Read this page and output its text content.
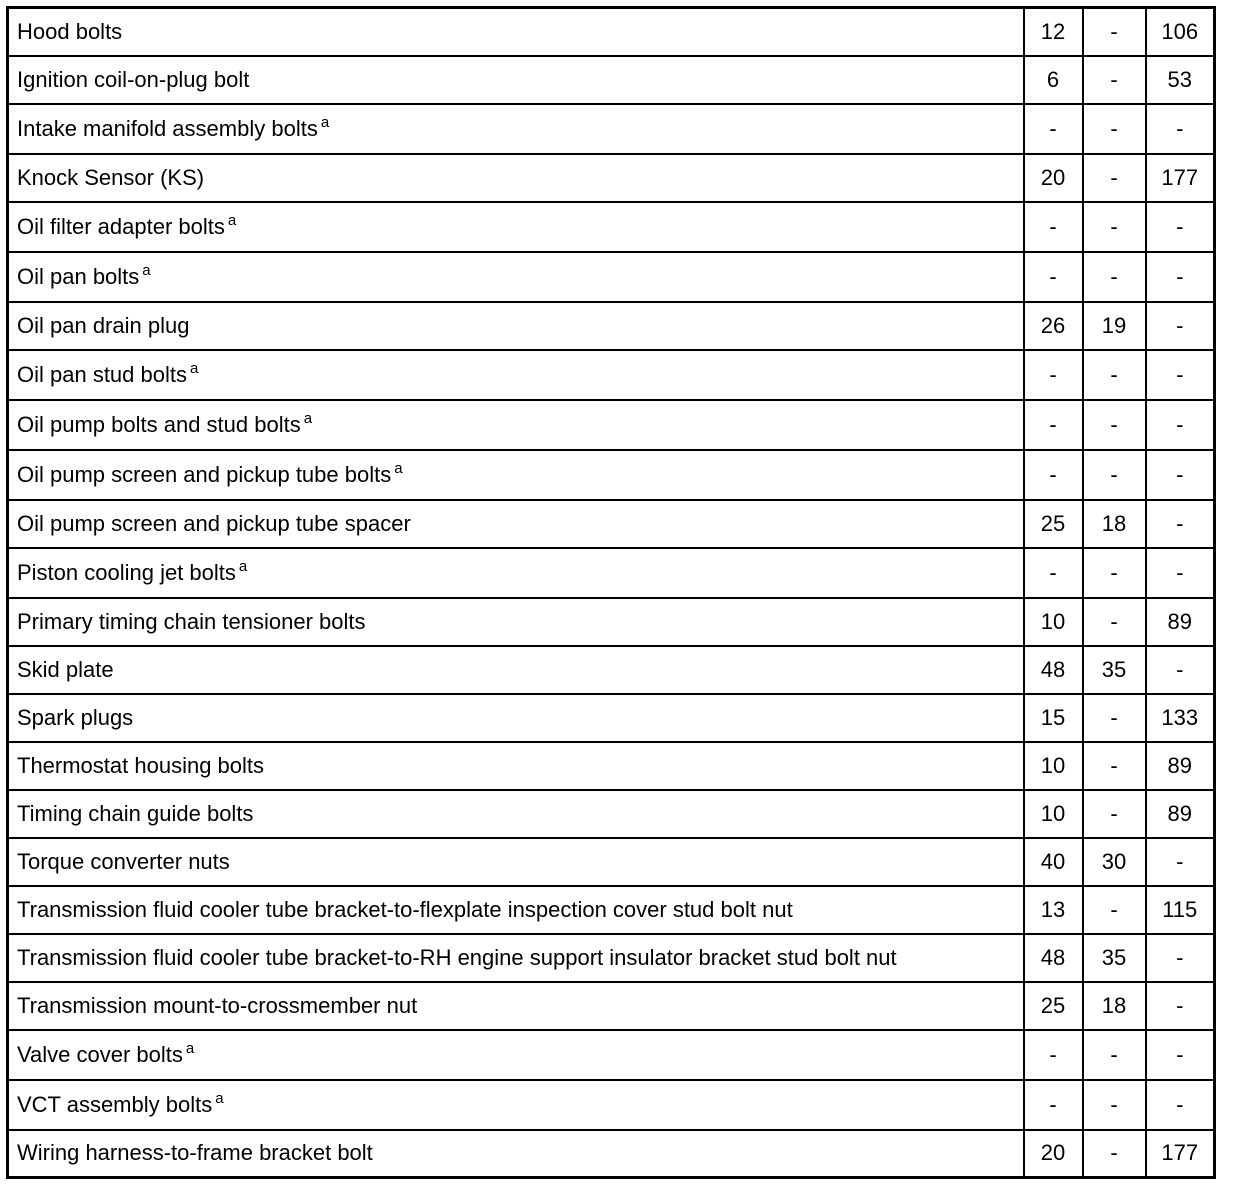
Hood bolts	12	-	106
Ignition coil-on-plug bolt	6	-	53
Intake manifold assembly bolts $^a$	-	-	-
Knock Sensor (KS)	20	-	177
Oil filter adapter bolts $^a$	-	-	-
Oil pan bolts $^a$	-	-	-
Oil pan drain plug	26	19	-
Oil pan stud bolts $^a$	-	-	-
Oil pump bolts and stud bolts $^a$	-	-	-
Oil pump screen and pickup tube bolts $^a$	-	-	-
Oil pump screen and pickup tube spacer	25	18	-
Piston cooling jet bolts $^a$	-	-	-
Primary timing chain tensioner bolts	10	-	89
Skid plate	48	35	-
Spark plugs	15	-	133
Thermostat housing bolts	10	-	89
Timing chain guide bolts	10	-	89
Torque converter nuts	40	30	-
Transmission fluid cooler tube bracket-to-flexplate inspection cover stud bolt nut	13	-	115
Transmission fluid cooler tube bracket-to-RH engine support insulator bracket stud bolt nut	48	35	-
Transmission mount-to-crossmember nut	25	18	-
Valve cover bolts $^a$	-	-	-
VCT assembly bolts $^a$	-	-	-
Wiring harness-to-frame bracket bolt	20	-	177
